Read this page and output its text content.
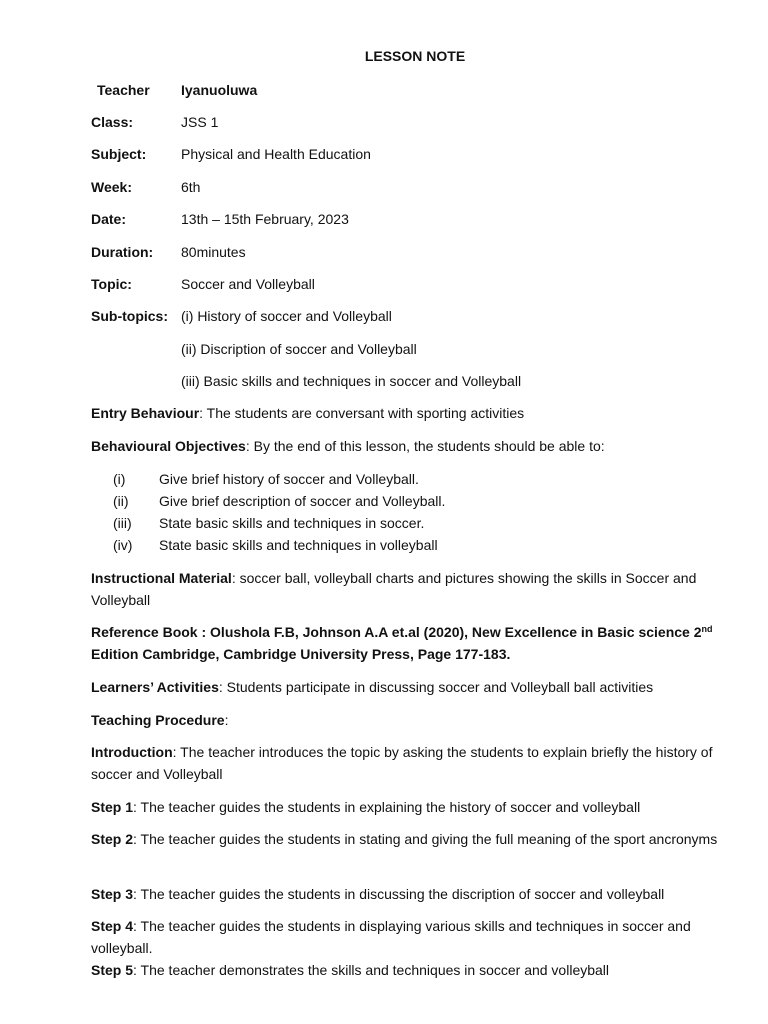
LESSON NOTE
Teacher Iyanuoluwa
Class:	JSS 1
Subject: Physical and Health Education
Week:	6th
Date:	13th – 15th February, 2023
Duration: 80minutes
Topic:	Soccer and Volleyball
Sub-topics: (i) History of soccer and Volleyball
(ii) Discription of soccer and Volleyball
(iii) Basic skills and techniques in soccer and Volleyball
Entry Behaviour: The students are conversant with sporting activities
Behavioural Objectives: By the end of this lesson, the students should be able to:
(i) Give brief history of soccer and Volleyball.
(ii) Give brief description of soccer and Volleyball.
(iii) State basic skills and techniques in soccer.
(iv) State basic skills and techniques in volleyball
Instructional Material: soccer ball, volleyball charts and pictures showing the skills in Soccer and Volleyball
Reference Book : Olushola F.B, Johnson A.A et.al (2020), New Excellence in Basic science 2nd Edition Cambridge, Cambridge University Press, Page 177-183.
Learners’ Activities: Students participate in discussing soccer and Volleyball ball activities
Teaching Procedure:
Introduction: The teacher introduces the topic by asking the students to explain briefly the history of soccer and Volleyball
Step 1: The teacher guides the students in explaining the history of soccer and volleyball
Step 2: The teacher guides the students in stating and giving the full meaning of the sport ancronyms
Step 3: The teacher guides the students in discussing the discription of soccer and volleyball
Step 4: The teacher guides the students in displaying various skills and techniques in soccer and volleyball.
Step 5: The teacher demonstrates the skills and techniques in soccer and volleyball
